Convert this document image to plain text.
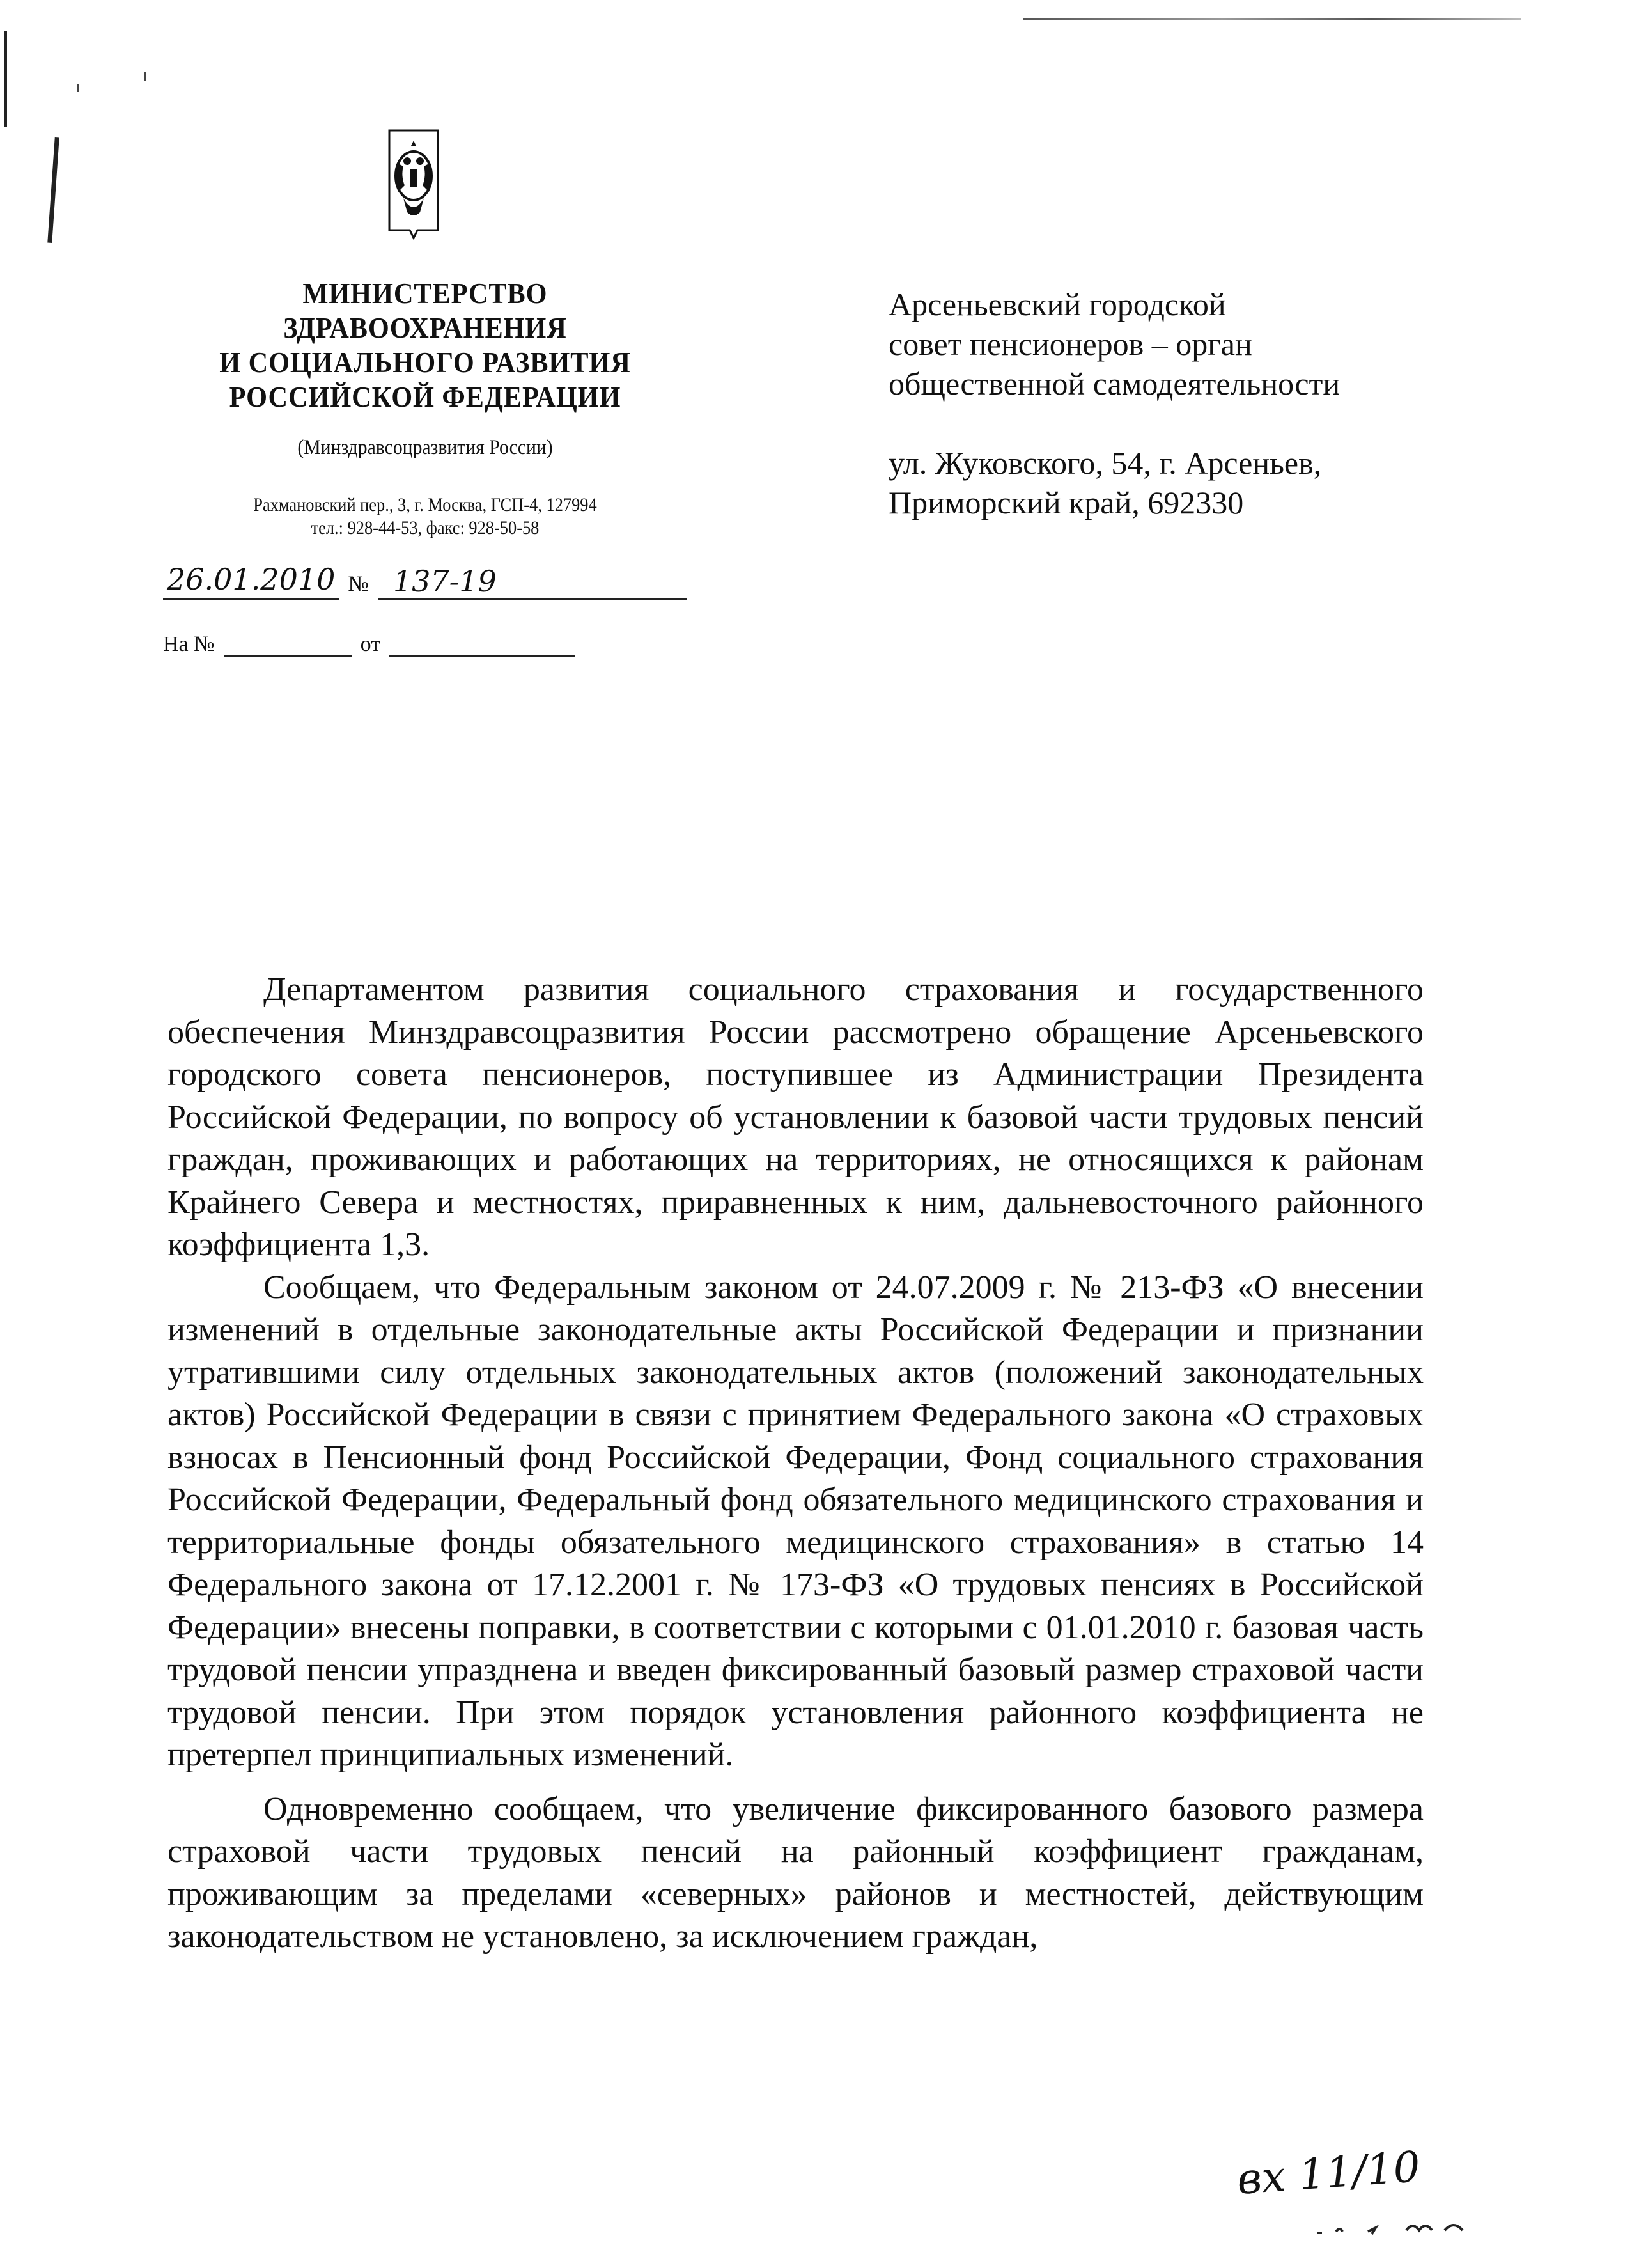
МИНИСТЕРСТВО
ЗДРАВООХРАНЕНИЯ
И СОЦИАЛЬНОГО РАЗВИТИЯ
РОССИЙСКОЙ ФЕДЕРАЦИИ
(Минздравсоцразвития России)
Рахмановский пер., 3, г. Москва, ГСП-4, 127994
тел.: 928-44-53, факс: 928-50-58
26.01.2010 № 137-19
На №	от
Арсеньевский городской
совет пенсионеров – орган
общественной самодеятельности
ул. Жуковского, 54, г. Арсеньев,
Приморский край, 692330

Департаментом развития социального страхования и государственного обеспечения Минздравсоцразвития России рассмотрено обращение Арсеньевского городского совета пенсионеров, поступившее из Администрации Президента Российской Федерации, по вопросу об установлении к базовой части трудовых пенсий граждан, проживающих и работающих на территориях, не относящихся к районам Крайнего Севера и местностях, приравненных к ним, дальневосточного районного коэффициента 1,3.

Сообщаем, что Федеральным законом от 24.07.2009 г. № 213-ФЗ «О внесении изменений в отдельные законодательные акты Российской Федерации и признании утратившими силу отдельных законодательных актов (положений законодательных актов) Российской Федерации в связи с принятием Федерального закона «О страховых взносах в Пенсионный фонд Российской Федерации, Фонд социального страхования Российской Федерации, Федеральный фонд обязательного медицинского страхования и территориальные фонды обязательного медицинского страхования» в статью 14 Федерального закона от 17.12.2001 г. № 173-ФЗ «О трудовых пенсиях в Российской Федерации» внесены поправки, в соответствии с которыми с 01.01.2010 г. базовая часть трудовой пенсии упразднена и введен фиксированный базовый размер страховой части трудовой пенсии. При этом порядок установления районного коэффициента не претерпел принципиальных изменений.

Одновременно сообщаем, что увеличение фиксированного базового размера страховой части трудовых пенсий на районный коэффициент гражданам, проживающим за пределами «северных» районов и местностей, действующим законодательством не установлено, за исключением граждан,

вх 11/10
